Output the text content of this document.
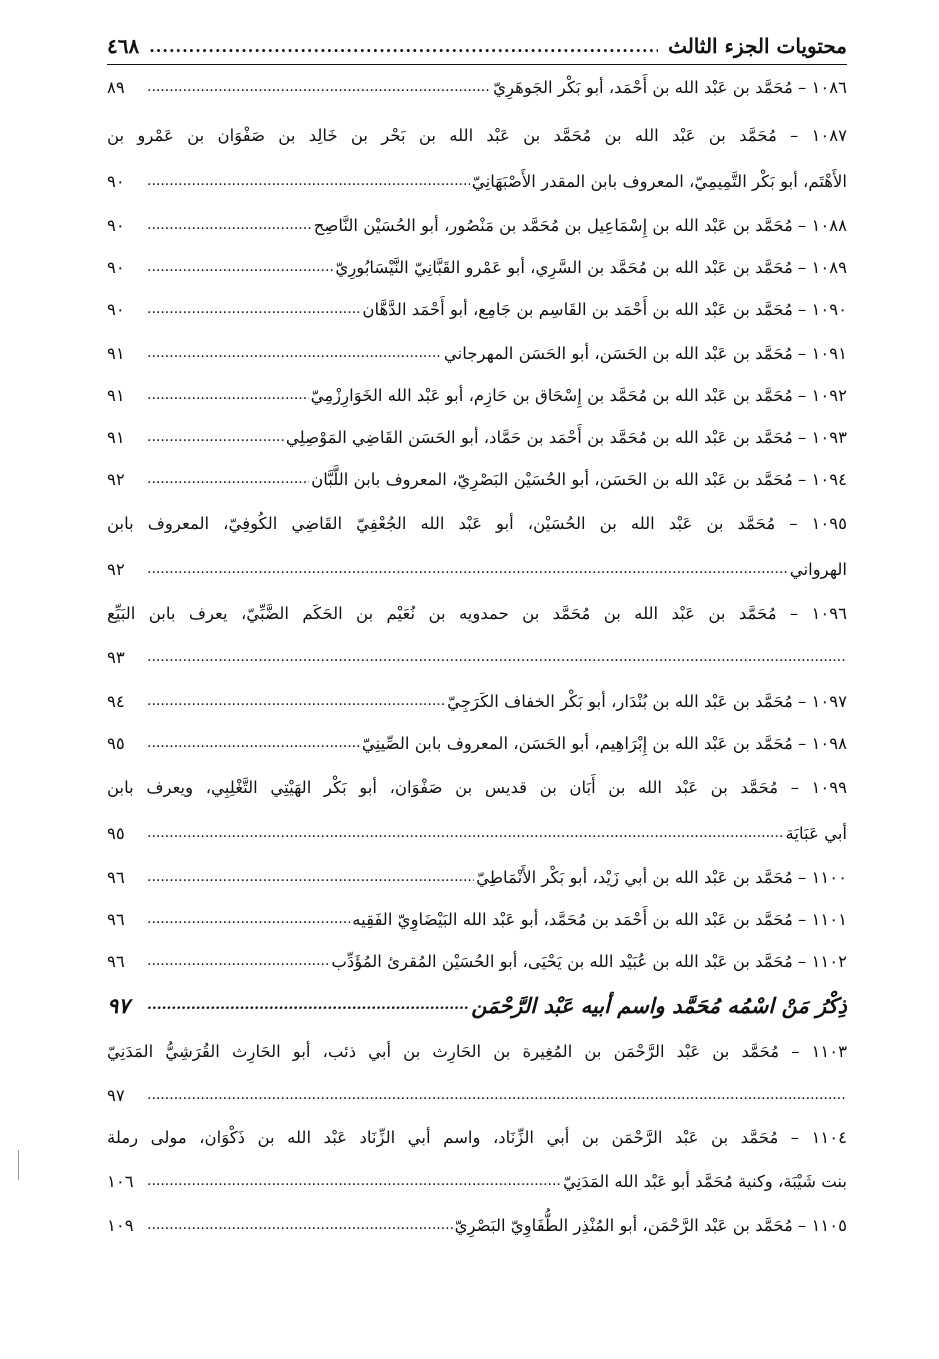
محتويات الجزء الثالث
.....
٤٦٨
١٠٨٦ – مُحَمَّد بن عَبْد الله بن أَحْمَد، أبو بَكْر الجَوهَرِيّ
.....
٨٩
١٠٨٧ – مُحَمَّد بن عَبْد الله بن مُحَمَّد بن عَبْد الله بن بَحْر بن خَالِد بن صَفْوَان بن عَمْرو بن
الأَهْتَم، أبو بَكْر التَّمِيمِيّ، المعروف بابن المقدر الأَصْبَهَانِيّ
.....
٩٠
١٠٨٨ – مُحَمَّد بن عَبْد الله بن إِسْمَاعِيل بن مُحَمَّد بن مَنْصُور، أبو الحُسَيْن النَّاصِح
.....
٩٠
١٠٨٩ – مُحَمَّد بن عَبْد الله بن مُحَمَّد بن السَّرِي، أبو عَمْرو القَبَّانِيّ النَّيْسَابُورِيّ
.....
٩٠
١٠٩٠ – مُحَمَّد بن عَبْد الله بن أَحْمَد بن القَاسِم بن جَامِع، أبو أَحْمَد الدَّهَّان
.....
٩٠
١٠٩١ – مُحَمَّد بن عَبْد الله بن الحَسَن، أبو الحَسَن المهرجاني
.....
٩١
١٠٩٢ – مُحَمَّد بن عَبْد الله بن مُحَمَّد بن إِسْحَاق بن حَازِم، أبو عَبْد الله الخَوَارِزْمِيّ
.....
٩١
١٠٩٣ – مُحَمَّد بن عَبْد الله بن مُحَمَّد بن أَحْمَد بن حَمَّاد، أبو الحَسَن القَاضِي المَوْصِلِي
.....
٩١
١٠٩٤ – مُحَمَّد بن عَبْد الله بن الحَسَن، أبو الحُسَيْن البَصْرِيّ، المعروف بابن اللَّبَّان
.....
٩٢
١٠٩٥ – مُحَمَّد بن عَبْد الله بن الحُسَيْن، أبو عَبْد الله الجُعْفِيّ القَاضِي الكُوفِيّ، المعروف بابن
الهرواني
.....
٩٢
١٠٩٦ – مُحَمَّد بن عَبْد الله بن مُحَمَّد بن حمدويه بن نُعَيْم بن الحَكَم الضَّبِّيّ، يعرف بابن البَيِّع
.....
٩٣
١٠٩٧ – مُحَمَّد بن عَبْد الله بن بُنْدَار، أبو بَكْر الخفاف الكَرَجِيّ
.....
٩٤
١٠٩٨ – مُحَمَّد بن عَبْد الله بن إِبْرَاهِيم، أبو الحَسَن، المعروف بابن الصِّينِيّ
.....
٩٥
١٠٩٩ – مُحَمَّد بن عَبْد الله بن أَبَان بن قديس بن صَفْوَان، أبو بَكْر الهَيْتِي التَّغْلِبِي، ويعرف بابن
أبي عَبَايَة
.....
٩٥
١١٠٠ – مُحَمَّد بن عَبْد الله بن أبي زَيْد، أبو بَكْر الأَنْمَاطِيّ
.....
٩٦
١١٠١ – مُحَمَّد بن عَبْد الله بن أَحْمَد بن مُحَمَّد، أبو عَبْد الله البَيْضَاوِيّ الفَقِيه
.....
٩٦
١١٠٢ – مُحَمَّد بن عَبْد الله بن عُبَيْد الله بن يَحْيَى، أبو الحُسَيْن المُقرئ المُؤَدِّب
.....
٩٦
ذِكْرُ مَنْ اسْمُه مُحَمَّد واسم أبيه عَبْد الرَّحْمَن
.....
٩٧
١١٠٣ – مُحَمَّد بن عَبْد الرَّحْمَن بن المُغِيرة بن الحَارِث بن أبي ذئب، أبو الحَارِث القُرَشِيُّ المَدَنِيّ
.....
٩٧
١١٠٤ – مُحَمَّد بن عَبْد الرَّحْمَن بن أبي الزِّنَاد، واسم أبي الزِّنَاد عَبْد الله بن ذَكْوَان، مولى رملة
بنت شَيْبَة، وكنية مُحَمَّد أبو عَبْد الله المَدَنِيّ
.....
١٠٦
١١٠٥ – مُحَمَّد بن عَبْد الرَّحْمَن، أبو المُنْذِر الطُّفَاوِيّ البَصْرِيّ
.....
١٠٩
